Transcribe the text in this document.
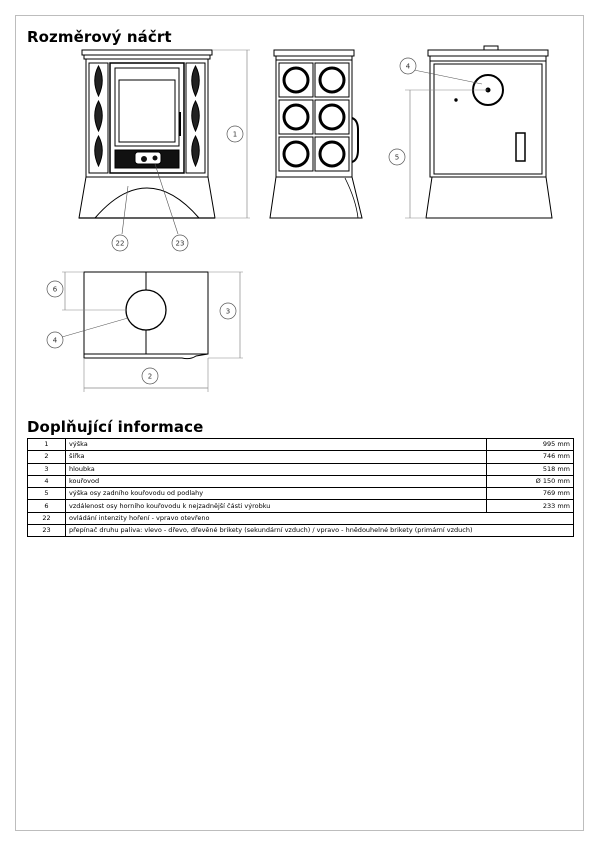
Rozměrový náčrt
1
22	23
5
4
6
4
3
2
Doplňující informace
1	výška	995 mm
2	šířka	746 mm
3	hloubka	518 mm
4	kouřovod	Ø 150 mm
5	výška osy zadního kouřovodu od podlahy	769 mm
6	vzdálenost osy horního kouřovodu k nejzadnější části výrobku	233 mm
22	ovládání intenzity hoření - vpravo otevřeno	
23	přepínač druhu paliva: vlevo - dřevo, dřevěné brikety (sekundární vzduch) / vpravo - hnědouhelné brikety (primární vzduch)	
